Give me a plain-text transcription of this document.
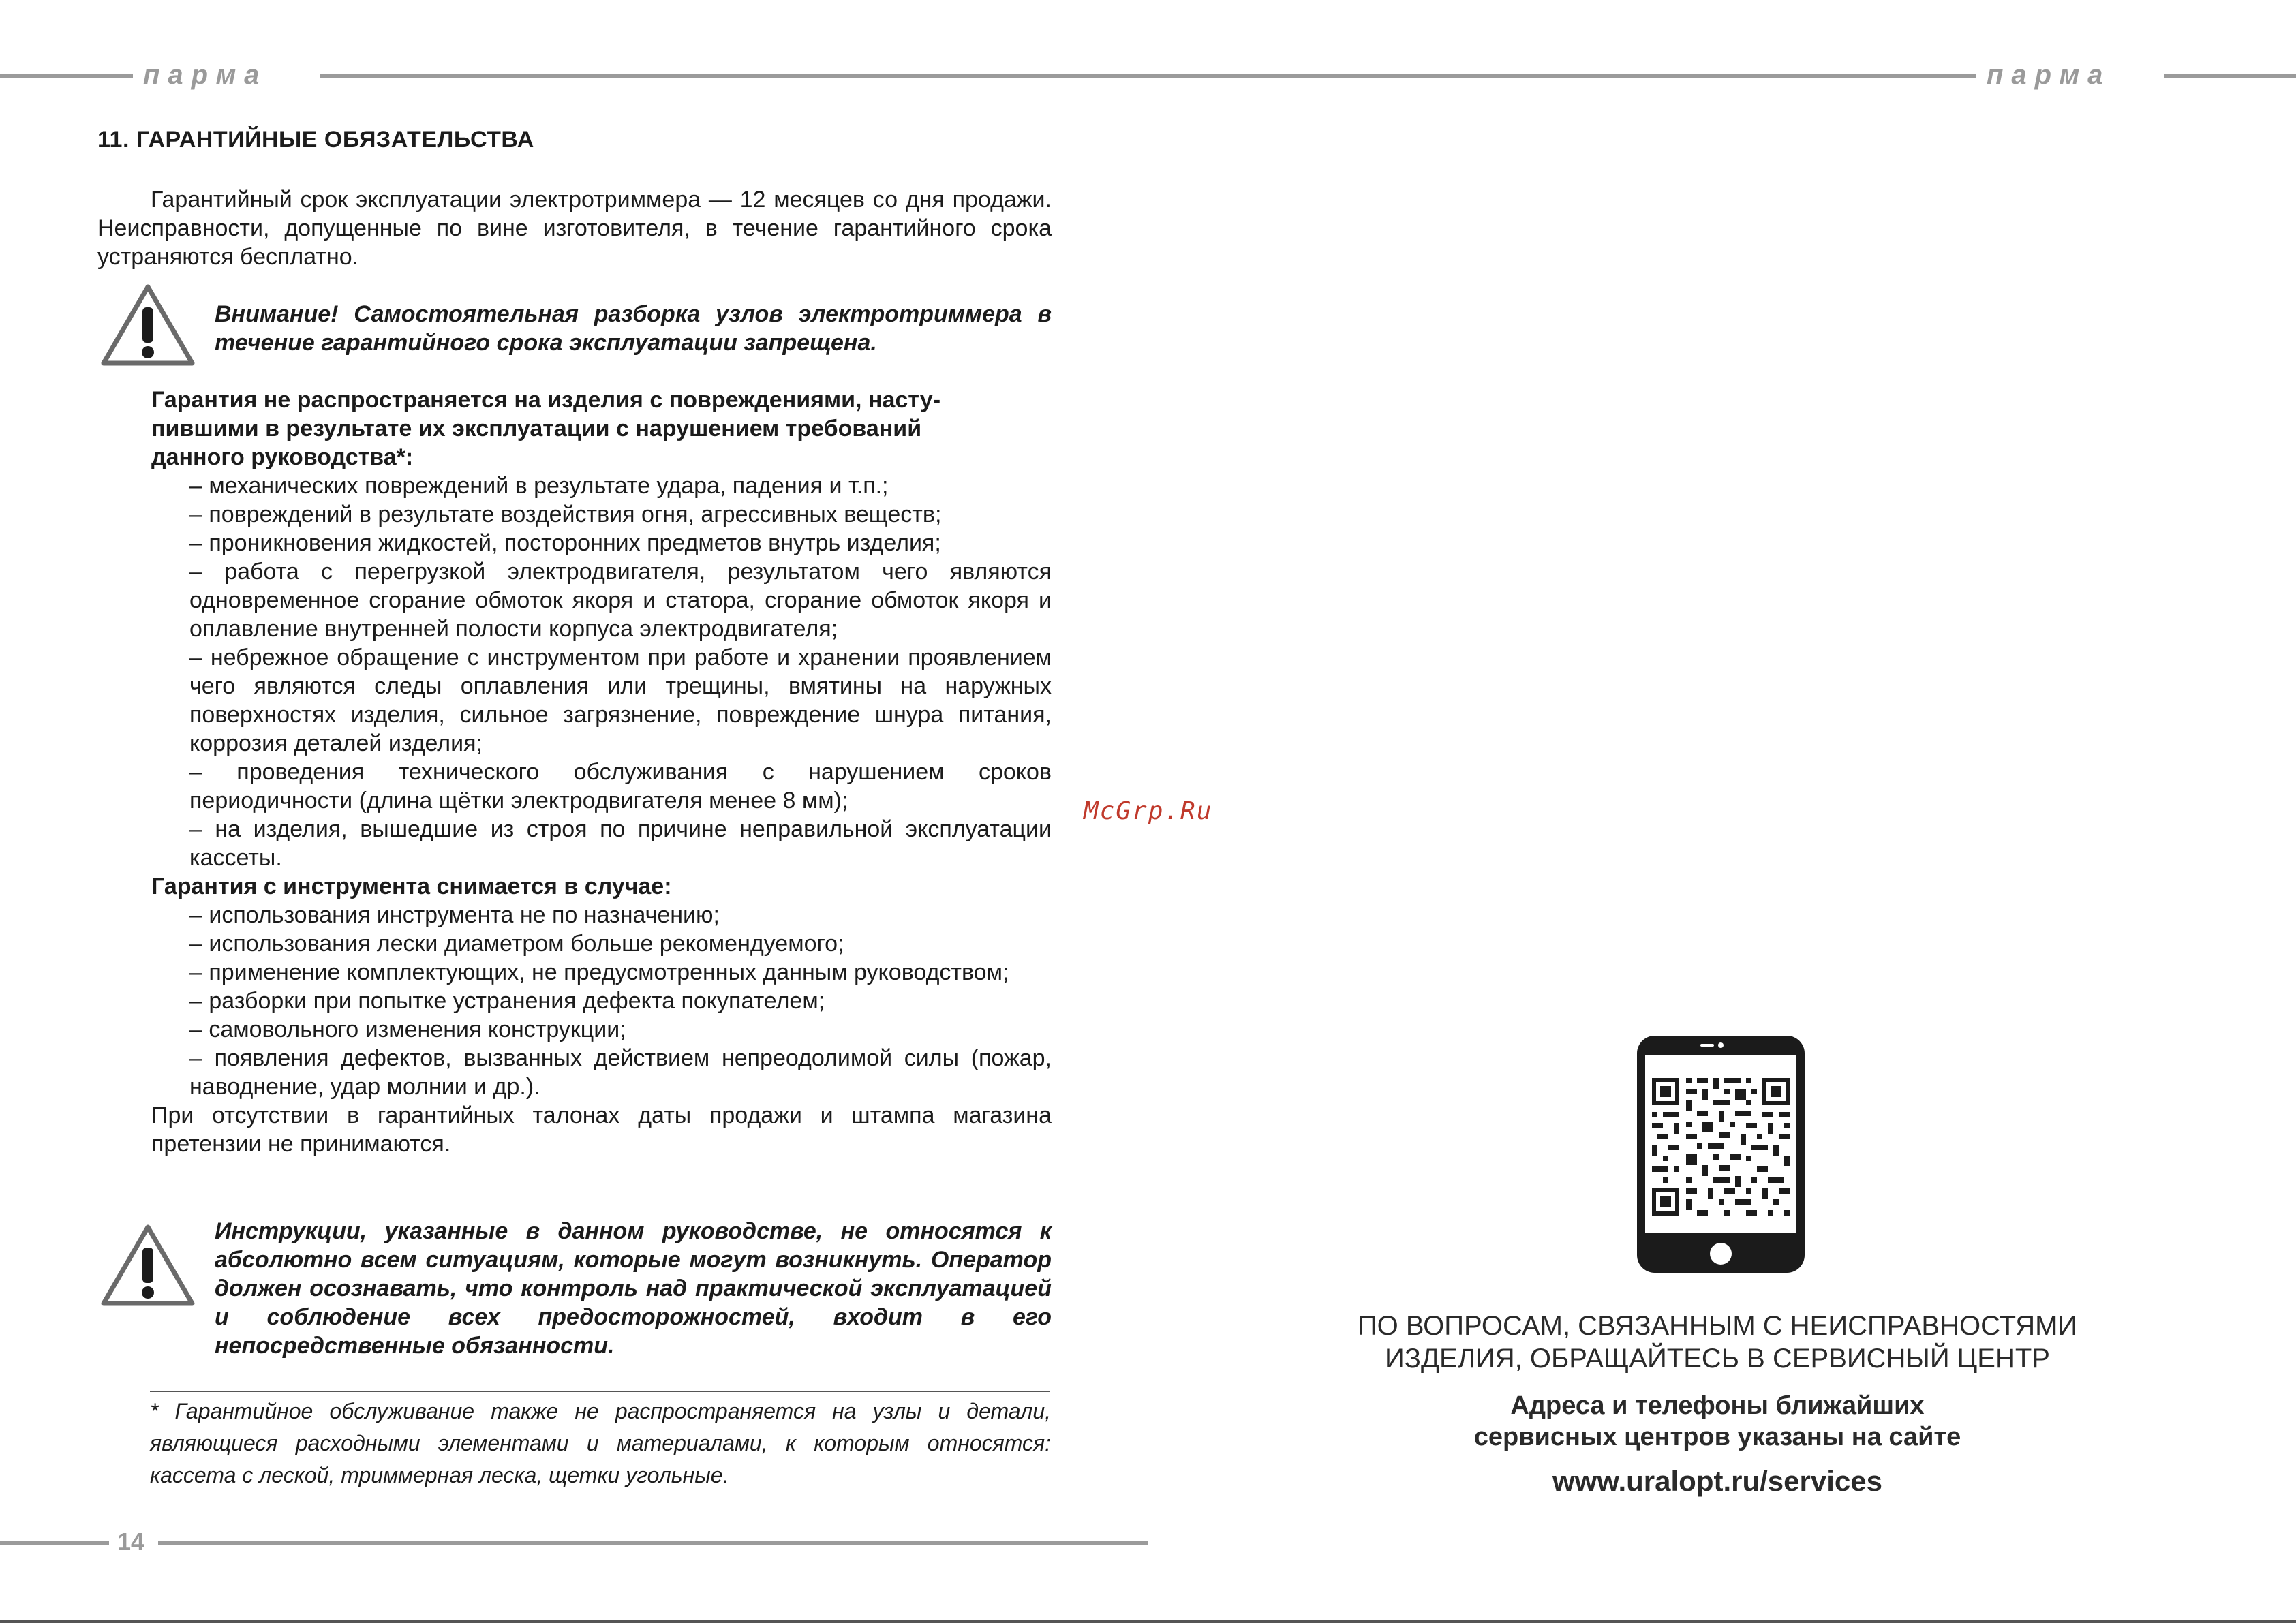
парма	парма
11. ГАРАНТИЙНЫЕ ОБЯЗАТЕЛЬСТВА
Гарантийный срок эксплуатации электротриммера — 12 месяцев со дня продажи. Неисправности, допущенные по вине изготовителя, в течение гарантийного срока устраняются бесплатно.
Внимание! Самостоятельная разборка узлов электротриммера в течение гарантийного срока эксплуатации запрещена.
Гарантия не распространяется на изделия с повреждениями, насту-
пившими в результате их эксплуатации с нарушением требований
данного руководства*:
– механических повреждений в результате удара, падения и т.п.;
– повреждений в результате воздействия огня, агрессивных веществ;
– проникновения жидкостей, посторонних предметов внутрь изделия;
– работа с перегрузкой электродвигателя, результатом чего являются одновременное сгорание обмоток якоря и статора, сгорание обмоток якоря и оплавление внутренней полости корпуса электродвигателя;
– небрежное обращение с инструментом при работе и хранении проявлением чего являются следы оплавления или трещины, вмятины на наружных поверхностях изделия, сильное загрязнение, повреждение шнура питания, коррозия деталей изделия;
– проведения технического обслуживания с нарушением сроков периодичности (длина щётки электродвигателя менее 8 мм);
– на изделия, вышедшие из строя по причине неправильной эксплуатации кассеты.
Гарантия с инструмента снимается в случае:
– использования инструмента не по назначению;
– использования лески диаметром больше рекомендуемого;
– применение комплектующих, не предусмотренных данным руководством;
– разборки при попытке устранения дефекта покупателем;
– самовольного изменения конструкции;
– появления дефектов, вызванных действием непреодолимой силы (пожар, наводнение, удар молнии и др.).
При отсутствии в гарантийных талонах даты продажи и штампа магазина претензии не принимаются.
McGrp.Ru
Инструкции, указанные в данном руководстве, не относятся к абсолютно всем ситуациям, которые могут возникнуть. Оператор должен осознавать, что контроль над практической эксплуатацией и соблюдение всех предосторожностей, входит в его непосредственные обязанности.
* Гарантийное обслуживание также не распространяется на узлы и детали, являющиеся расходными элементами и материалами, к которым относятся: кассета с леской, триммерная леска, щетки угольные.
14
ПО ВОПРОСАМ, СВЯЗАННЫМ С НЕИСПРАВНОСТЯМИ
ИЗДЕЛИЯ, ОБРАЩАЙТЕСЬ В СЕРВИСНЫЙ ЦЕНТР
Адреса и телефоны ближайших
сервисных центров указаны на сайте
www.uralopt.ru/services
